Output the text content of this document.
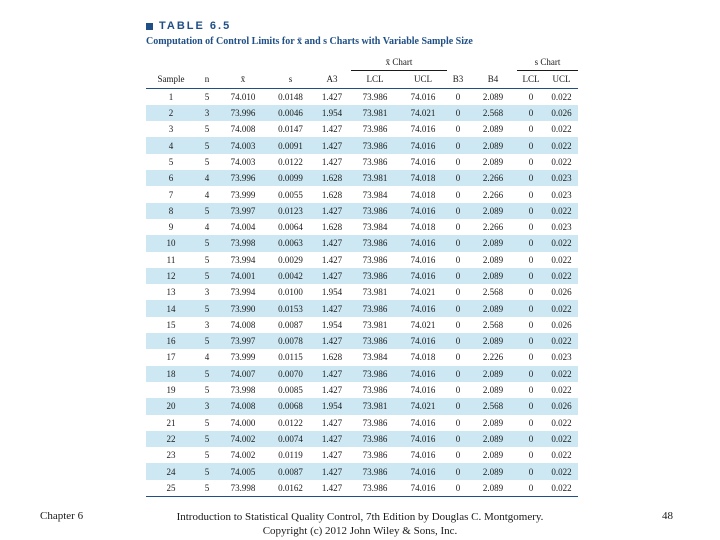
TABLE 6.5
Computation of Control Limits for x̄ and s Charts with Variable Sample Size
					x̄ Chart				s Chart	
Sample	n	x̄	s	A3	LCL	UCL	B3	B4	LCL	UCL
1	5	74.010	0.0148	1.427	73.986	74.016	0	2.089	0	0.022
2	3	73.996	0.0046	1.954	73.981	74.021	0	2.568	0	0.026
3	5	74.008	0.0147	1.427	73.986	74.016	0	2.089	0	0.022
4	5	74.003	0.0091	1.427	73.986	74.016	0	2.089	0	0.022
5	5	74.003	0.0122	1.427	73.986	74.016	0	2.089	0	0.022
6	4	73.996	0.0099	1.628	73.981	74.018	0	2.266	0	0.023
7	4	73.999	0.0055	1.628	73.984	74.018	0	2.266	0	0.023
8	5	73.997	0.0123	1.427	73.986	74.016	0	2.089	0	0.022
9	4	74.004	0.0064	1.628	73.984	74.018	0	2.266	0	0.023
10	5	73.998	0.0063	1.427	73.986	74.016	0	2.089	0	0.022
11	5	73.994	0.0029	1.427	73.986	74.016	0	2.089	0	0.022
12	5	74.001	0.0042	1.427	73.986	74.016	0	2.089	0	0.022
13	3	73.994	0.0100	1.954	73.981	74.021	0	2.568	0	0.026
14	5	73.990	0.0153	1.427	73.986	74.016	0	2.089	0	0.022
15	3	74.008	0.0087	1.954	73.981	74.021	0	2.568	0	0.026
16	5	73.997	0.0078	1.427	73.986	74.016	0	2.089	0	0.022
17	4	73.999	0.0115	1.628	73.984	74.018	0	2.226	0	0.023
18	5	74.007	0.0070	1.427	73.986	74.016	0	2.089	0	0.022
19	5	73.998	0.0085	1.427	73.986	74.016	0	2.089	0	0.022
20	3	74.008	0.0068	1.954	73.981	74.021	0	2.568	0	0.026
21	5	74.000	0.0122	1.427	73.986	74.016	0	2.089	0	0.022
22	5	74.002	0.0074	1.427	73.986	74.016	0	2.089	0	0.022
23	5	74.002	0.0119	1.427	73.986	74.016	0	2.089	0	0.022
24	5	74.005	0.0087	1.427	73.986	74.016	0	2.089	0	0.022
25	5	73.998	0.0162	1.427	73.986	74.016	0	2.089	0	0.022
Chapter 6	Introduction to Statistical Quality Control, 7th Edition by Douglas C. Montgomery.
Copyright (c) 2012 John Wiley & Sons, Inc.
48
